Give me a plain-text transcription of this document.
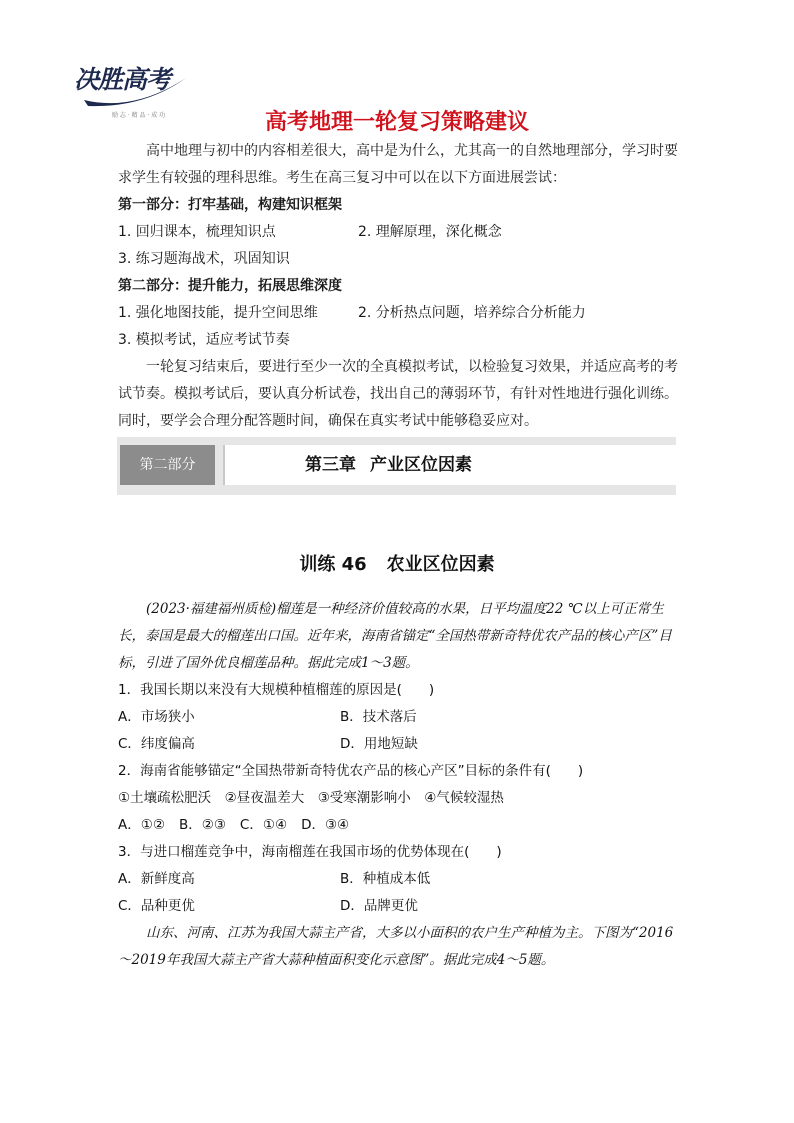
决胜高考
励 志 · 精 品 · 成 功	高考地理一轮复习策略建议

高中地理与初中的内容相差很大，高中是为什么，尤其高一的自然地理部分，学习时要求学生有较强的理科思维。考生在高三复习中可以在以下方面进展尝试：

第一部分：打牢基础，构建知识框架

1. 回归课本，梳理知识点	2. 理解原理，深化概念

3. 练习题海战术，巩固知识

第二部分：提升能力，拓展思维深度

1. 强化地图技能，提升空间思维	2. 分析热点问题，培养综合分析能力

3. 模拟考试，适应考试节奏

一轮复习结束后，要进行至少一次的全真模拟考试，以检验复习效果，并适应高考的考试节奏。模拟考试后，要认真分析试卷，找出自己的薄弱环节，有针对性地进行强化训练。同时，要学会合理分配答题时间，确保在真实考试中能够稳妥应对。

第二部分	第三章 产业区位因素
训练 46 农业区位因素

(2023·福建福州质检)榴莲是一种经济价值较高的水果，日平均温度22 ℃以上可正常生长，泰国是最大的榴莲出口国。近年来，海南省锚定“全国热带新奇特优农产品的核心产区”目标，引进了国外优良榴莲品种。据此完成1～3题。

1．我国长期以来没有大规模种植榴莲的原因是(　　)

A．市场狭小	B．技术落后
C．纬度偏高	D．用地短缺

2．海南省能够锚定“全国热带新奇特优农产品的核心产区”目标的条件有(　　)

①土壤疏松肥沃　②昼夜温差大　③受寒潮影响小　④气候较湿热

A．①② B．②③ C．①④ D．③④

3．与进口榴莲竞争中，海南榴莲在我国市场的优势体现在(　　)

A．新鲜度高	B．种植成本低
C．品种更优	D．品牌更优

山东、河南、江苏为我国大蒜主产省，大多以小面积的农户生产种植为主。下图为“2016～2019年我国大蒜主产省大蒜种植面积变化示意图”。据此完成4～5题。
